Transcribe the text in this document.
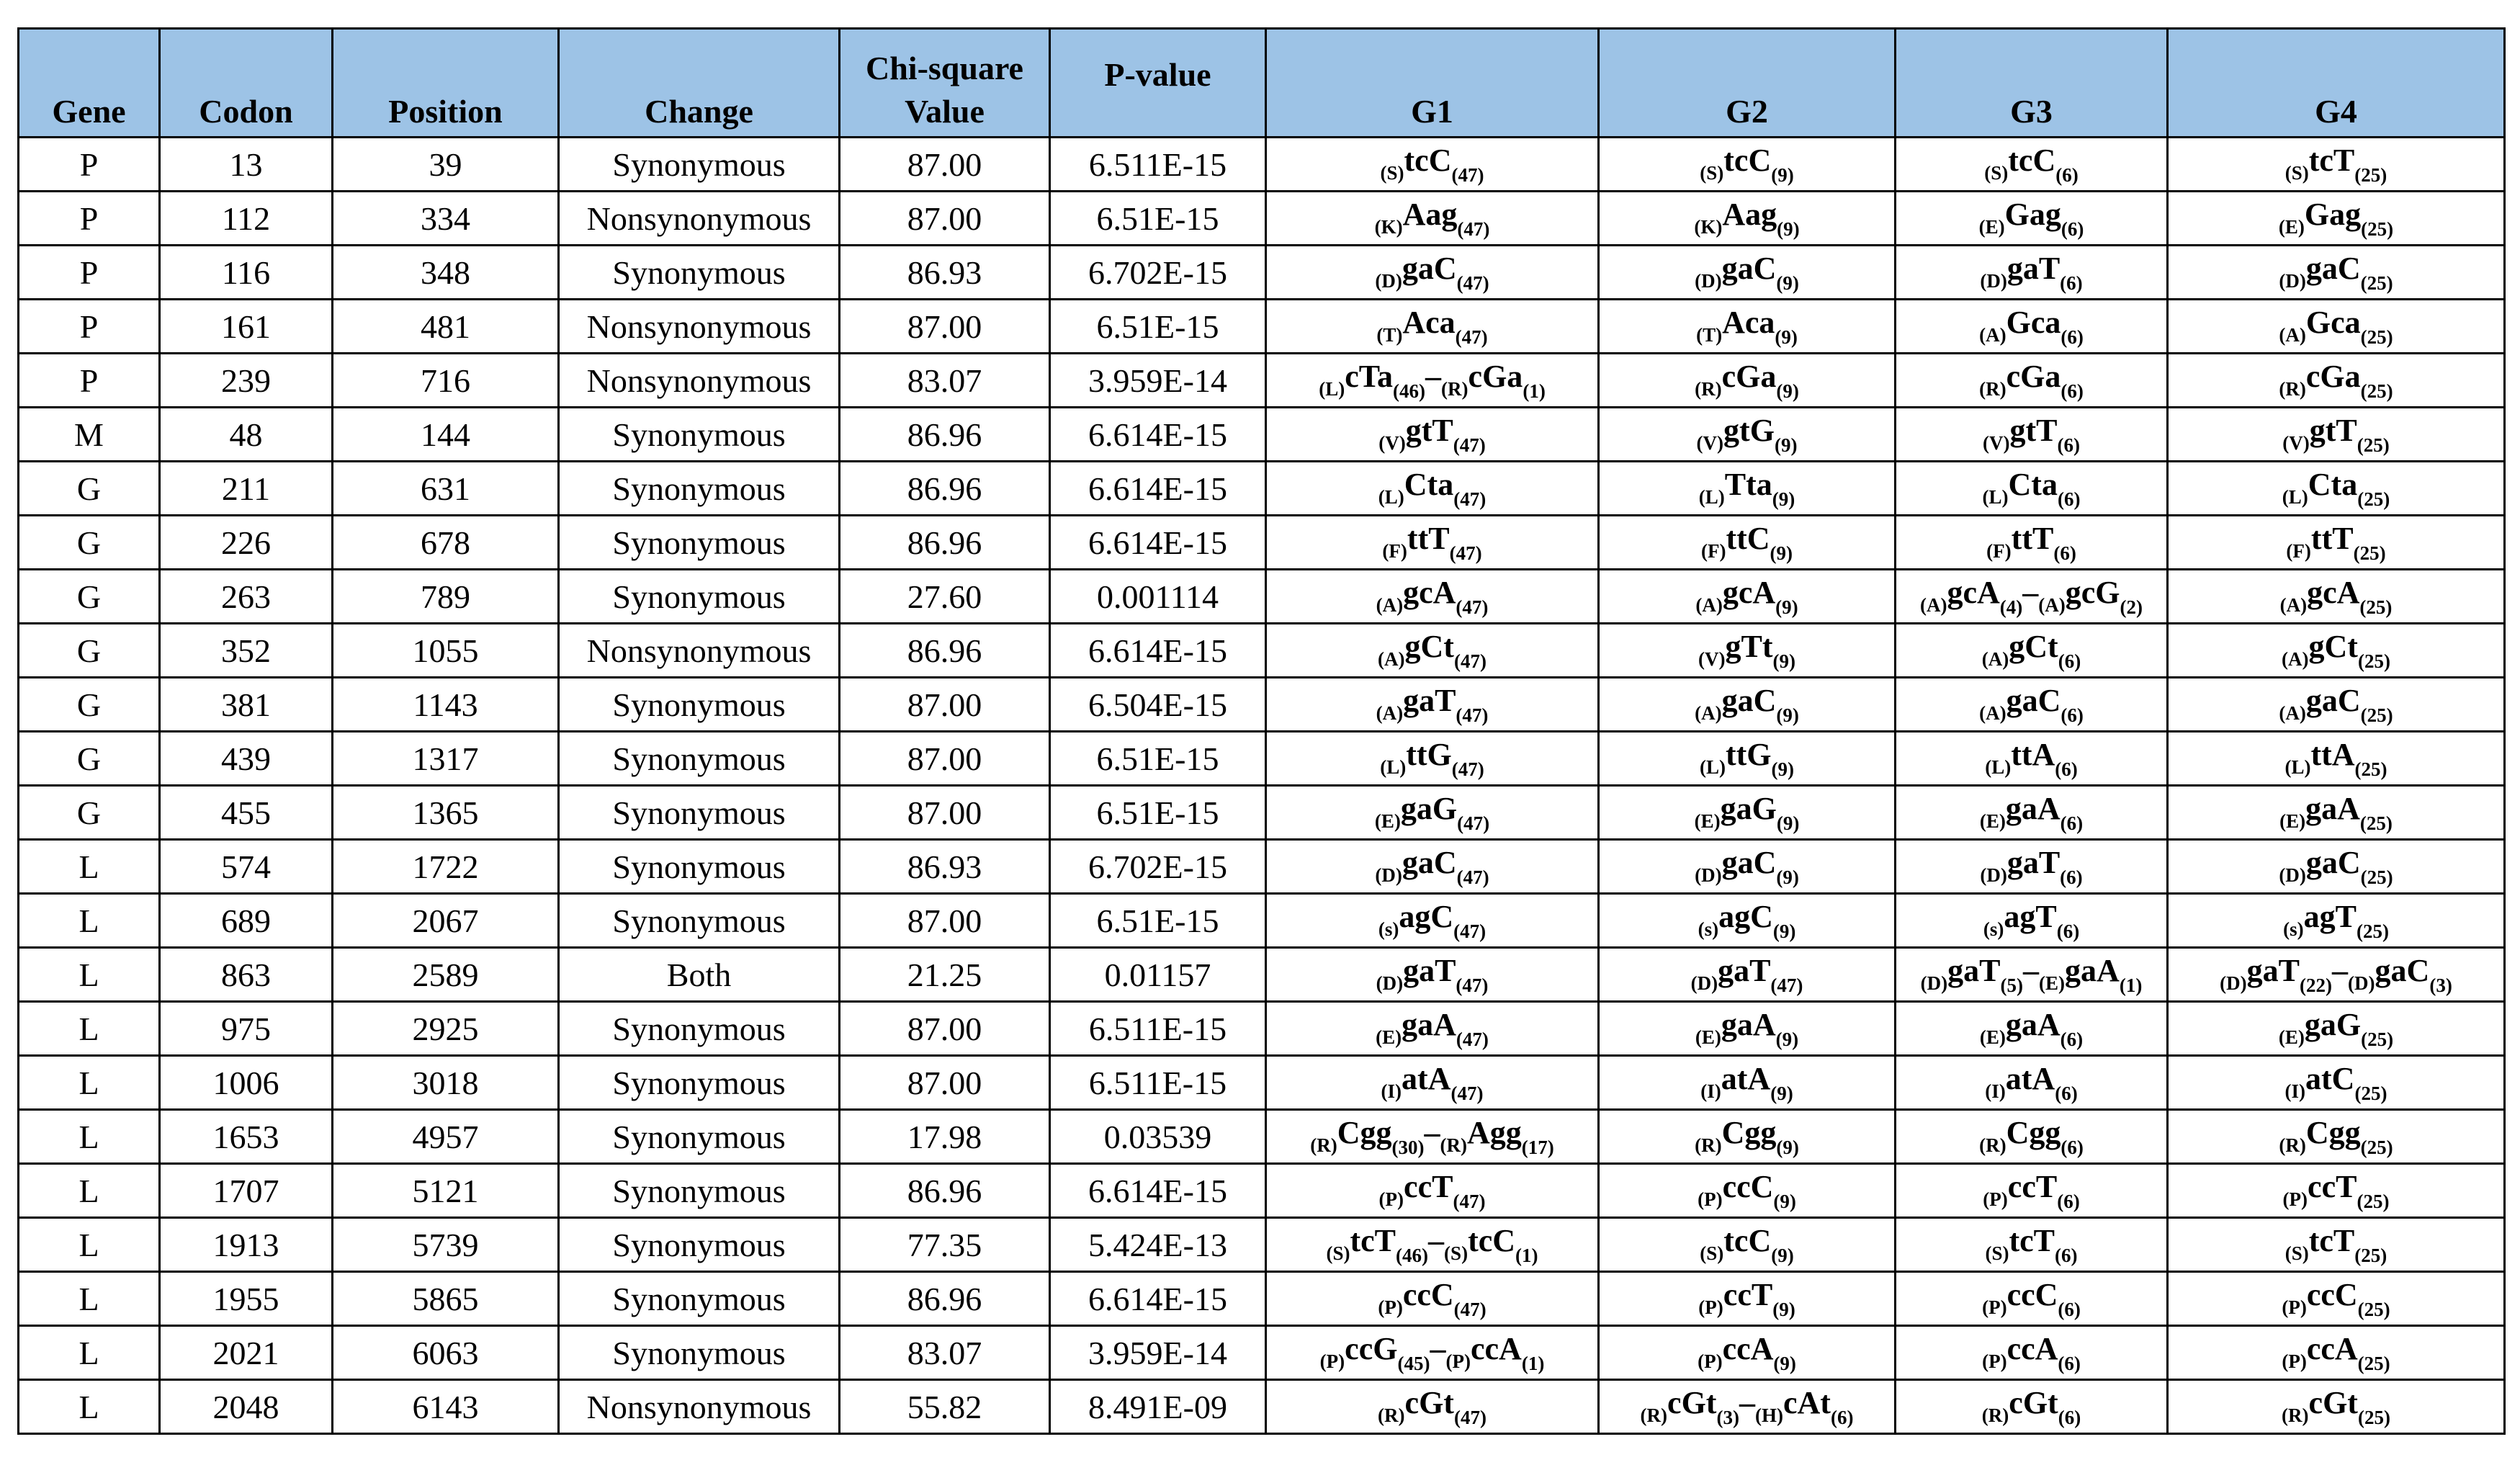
Gene	Codon	Position	Change	Chi-square Value	P-value	G1	G2	G3	G4
P	13	39	Synonymous	87.00	6.511E-15	$_{(S)}$tcC$_{(47)}$	$_{(S)}$tcC$_{(9)}$	$_{(S)}$tcC$_{(6)}$	$_{(S)}$tcT$_{(25)}$
P	112	334	Nonsynonymous	87.00	6.51E-15	$_{(K)}$Aag$_{(47)}$	$_{(K)}$Aag$_{(9)}$	$_{(E)}$Gag$_{(6)}$	$_{(E)}$Gag$_{(25)}$
P	116	348	Synonymous	86.93	6.702E-15	$_{(D)}$gaC$_{(47)}$	$_{(D)}$gaC$_{(9)}$	$_{(D)}$gaT$_{(6)}$	$_{(D)}$gaC$_{(25)}$
P	161	481	Nonsynonymous	87.00	6.51E-15	$_{(T)}$Aca$_{(47)}$	$_{(T)}$Aca$_{(9)}$	$_{(A)}$Gca$_{(6)}$	$_{(A)}$Gca$_{(25)}$
P	239	716	Nonsynonymous	83.07	3.959E-14	$_{(L)}cTa_{(46)}-_{(R)}cGa_{(1)}$	$_{(R)}$cGa$_{(9)}$	$_{(R)}$cGa$_{(6)}$	$_{(R)}$cGa$_{(25)}$
M	48	144	Synonymous	86.96	6.614E-15	$_{(V)}$gtT$_{(47)}$	$_{(V)}$gtG$_{(9)}$	$_{(V)}$gtT$_{(6)}$	$_{(V)}$gtT$_{(25)}$
G	211	631	Synonymous	86.96	6.614E-15	$_{(L)}$Cta$_{(47)}$	$_{(L)}$Tta$_{(9)}$	$_{(L)}$Cta$_{(6)}$	$_{(L)}$Cta$_{(25)}$
G	226	678	Synonymous	86.96	6.614E-15	$_{(F)}$ttT$_{(47)}$	$_{(F)}$ttC$_{(9)}$	$_{(F)}$ttT$_{(6)}$	$_{(F)}$ttT$_{(25)}$
G	263	789	Synonymous	27.60	0.001114	$_{(A)}$gcA$_{(47)}$	$_{(A)}$gcA$_{(9)}$	$_{(A)}gcA_{(4)}-_{(A)}gcG_{(2)}$	$_{(A)}$gcA$_{(25)}$
G	352	1055	Nonsynonymous	86.96	6.614E-15	$_{(A)}$gCt$_{(47)}$	$_{(V)}$gTt$_{(9)}$	$_{(A)}$gCt$_{(6)}$	$_{(A)}$gCt$_{(25)}$
G	381	1143	Synonymous	87.00	6.504E-15	$_{(A)}$gaT$_{(47)}$	$_{(A)}$gaC$_{(9)}$	$_{(A)}$gaC$_{(6)}$	$_{(A)}$gaC$_{(25)}$
G	439	1317	Synonymous	87.00	6.51E-15	$_{(L)}$ttG$_{(47)}$	$_{(L)}$ttG$_{(9)}$	$_{(L)}$ttA$_{(6)}$	$_{(L)}$ttA$_{(25)}$
G	455	1365	Synonymous	87.00	6.51E-15	$_{(E)}$gaG$_{(47)}$	$_{(E)}$gaG$_{(9)}$	$_{(E)}$gaA$_{(6)}$	$_{(E)}$gaA$_{(25)}$
L	574	1722	Synonymous	86.93	6.702E-15	$_{(D)}$gaC$_{(47)}$	$_{(D)}$gaC$_{(9)}$	$_{(D)}$gaT$_{(6)}$	$_{(D)}$gaC$_{(25)}$
L	689	2067	Synonymous	87.00	6.51E-15	$_{(s)}$agC$_{(47)}$	$_{(s)}$agC$_{(9)}$	$_{(s)}$agT$_{(6)}$	$_{(s)}$agT$_{(25)}$
L	863	2589	Both	21.25	0.01157	$_{(D)}$gaT$_{(47)}$	$_{(D)}$gaT$_{(47)}$	$_{(D)}gaT_{(5)}-_{(E)}gaA_{(1)}$	$_{(D)}gaT_{(22)}-_{(D)}gaC_{(3)}$
L	975	2925	Synonymous	87.00	6.511E-15	$_{(E)}$gaA$_{(47)}$	$_{(E)}$gaA$_{(9)}$	$_{(E)}$gaA$_{(6)}$	$_{(E)}$gaG$_{(25)}$
L	1006	3018	Synonymous	87.00	6.511E-15	$_{(I)}$atA$_{(47)}$	$_{(I)}$atA$_{(9)}$	$_{(I)}$atA$_{(6)}$	$_{(I)}$atC$_{(25)}$
L	1653	4957	Synonymous	17.98	0.03539	$_{(R)}Cgg_{(30)}-_{(R)}Agg_{(17)}$	$_{(R)}$Cgg$_{(9)}$	$_{(R)}$Cgg$_{(6)}$	$_{(R)}$Cgg$_{(25)}$
L	1707	5121	Synonymous	86.96	6.614E-15	$_{(P)}$ccT$_{(47)}$	$_{(P)}$ccC$_{(9)}$	$_{(P)}$ccT$_{(6)}$	$_{(P)}$ccT$_{(25)}$
L	1913	5739	Synonymous	77.35	5.424E-13	$_{(S)}tcT_{(46)}-_{(S)}tcC_{(1)}$	$_{(S)}$tcC$_{(9)}$	$_{(S)}$tcT$_{(6)}$	$_{(S)}$tcT$_{(25)}$
L	1955	5865	Synonymous	86.96	6.614E-15	$_{(P)}$ccC$_{(47)}$	$_{(P)}$ccT$_{(9)}$	$_{(P)}$ccC$_{(6)}$	$_{(P)}$ccC$_{(25)}$
L	2021	6063	Synonymous	83.07	3.959E-14	$_{(P)}ccG_{(45)}-_{(P)}ccA_{(1)}$	$_{(P)}$ccA$_{(9)}$	$_{(P)}$ccA$_{(6)}$	$_{(P)}$ccA$_{(25)}$
L	2048	6143	Nonsynonymous	55.82	8.491E-09	$_{(R)}$cGt$_{(47)}$	$_{(R)}cGt_{(3)}-_{(H)}cAt_{(6)}$	$_{(R)}$cGt$_{(6)}$	$_{(R)}$cGt$_{(25)}$
